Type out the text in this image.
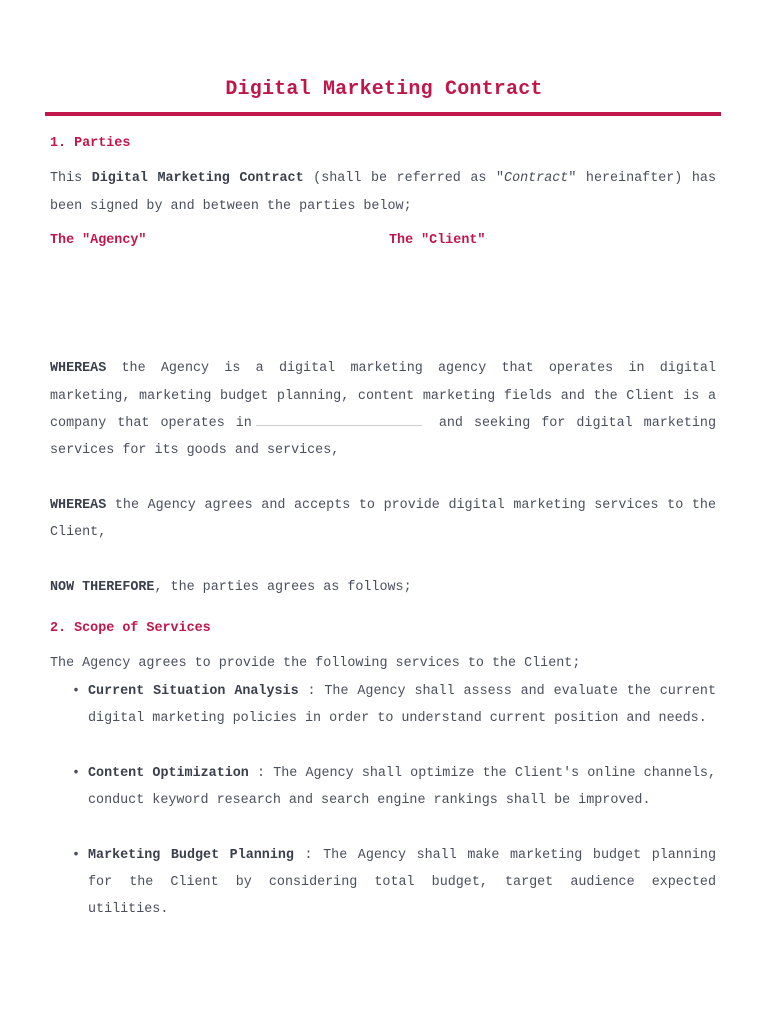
Digital Marketing Contract
1. Parties

This Digital Marketing Contract (shall be referred as "Contract" hereinafter) has been signed by and between the parties below;

The "Agency"	The "Client"

WHEREAS the Agency is a digital marketing agency that operates in digital marketing, marketing budget planning, content marketing fields and the Client is a company that operates in	and seeking for digital marketing services for its goods and services,

WHEREAS the Agency agrees and accepts to provide digital marketing services to the Client,

NOW THEREFORE, the parties agrees as follows;

2. Scope of Services

The Agency agrees to provide the following services to the Client;

• Current Situation Analysis : The Agency shall assess and evaluate the current digital marketing policies in order to understand current position and needs.
• Content Optimization : The Agency shall optimize the Client's online channels, conduct keyword research and search engine rankings shall be improved.
• Marketing Budget Planning : The Agency shall make marketing budget planning for the Client by considering total budget, target audience expected utilities.
